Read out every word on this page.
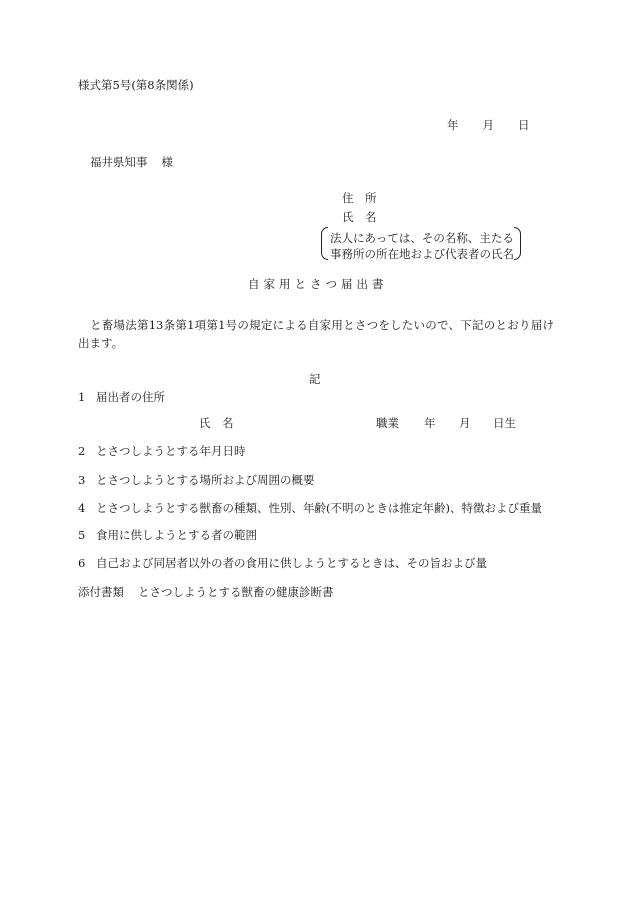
様式第5号(第8条関係)
年 月 日
福井県知事 様
住　所
氏　名
法人にあっては、その名称、主たる
事務所の所在地および代表者の氏名
自家用とさつ届出書
と畜場法第13条第1項第1号の規定による自家用とさつをしたいので、下記のとおり届け出ます。
記
1 届出者の住所
氏　名	職業 年 月 日生
2 とさつしようとする年月日時
3 とさつしようとする場所および周囲の概要
4 とさつしようとする獣畜の種類、性別、年齢(不明のときは推定年齢)、特徴および重量
5 食用に供しようとする者の範囲
6 自己および同居者以外の者の食用に供しようとするときは、その旨および量
添付書類 とさつしようとする獣畜の健康診断書
